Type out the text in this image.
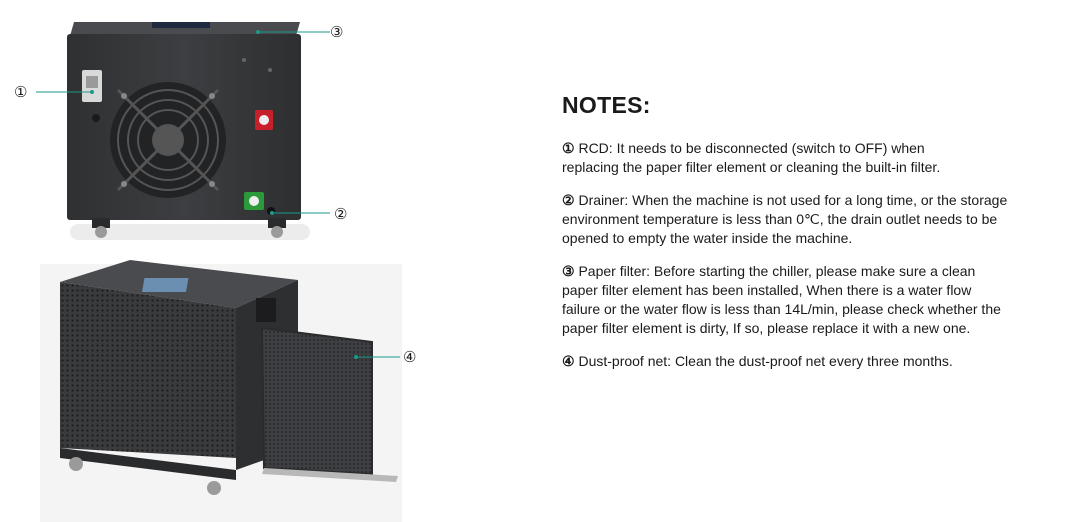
①
③
②
④
NOTES:
① RCD: It needs to be disconnected (switch to OFF) when
replacing the paper filter element or cleaning the built-in filter.
② Drainer: When the machine is not used for a long time, or the storage
environment temperature is less than 0℃, the drain outlet needs to be
opened to empty the water inside the machine.
③ Paper filter: Before starting the chiller, please make sure a clean
paper filter element has been installed, When there is a water flow
failure or the water flow is less than 14L/min, please check whether the
paper filter element is dirty, If so, please replace it with a new one.
④ Dust-proof net: Clean the dust-proof net every three months.
